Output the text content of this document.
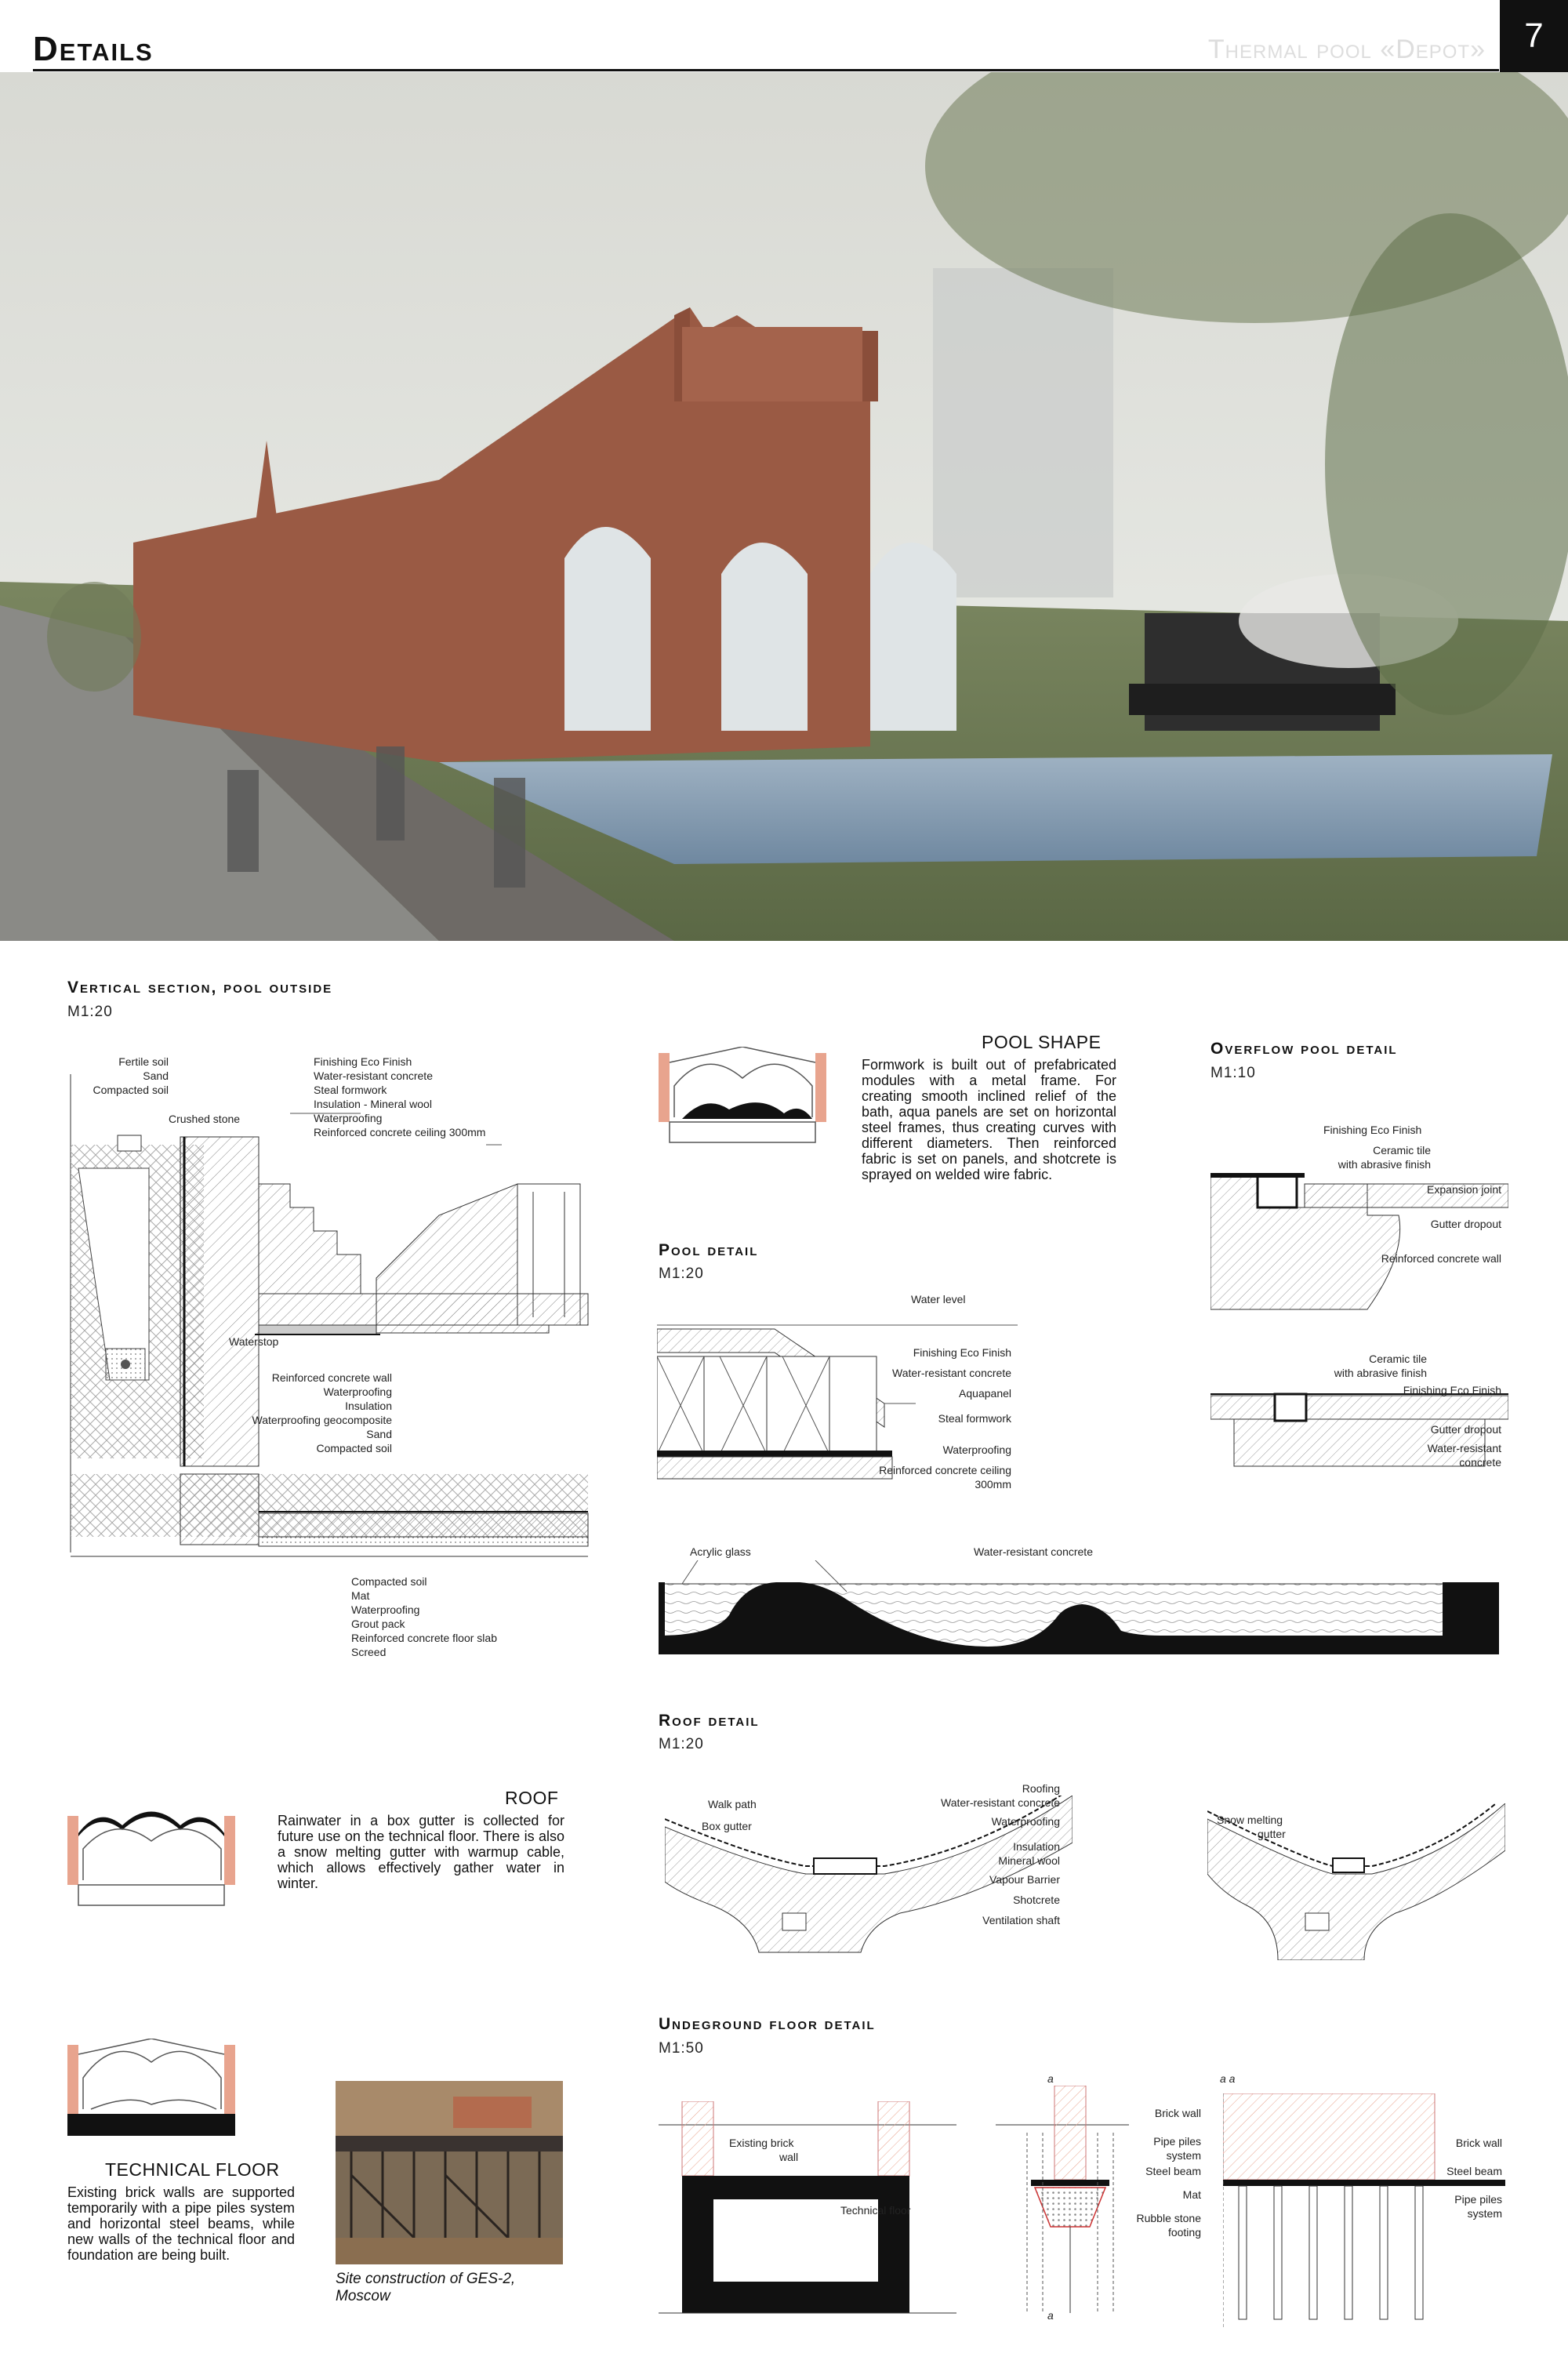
Details	Thermal pool «Depot»	7
Vertical section, pool outside
M1:20
Fertile soil
Sand
Compacted soil
Crushed stone
Finishing Eco Finish
Water-resistant concrete
Steal formwork
Insulation - Mineral wool
Waterproofing
Reinforced concrete ceiling 300mm
Waterstop
Reinforced concrete wall
Waterproofing
Insulation
Waterproofing geocomposite
Sand
Compacted soil
Compacted soil
Mat
Waterproofing
Grout pack
Reinforced concrete floor slab
Screed
POOL SHAPE
Formwork is built out of prefabricated modules with a metal frame. For creating smooth inclined relief of the bath, aqua panels are set on horizontal steel frames, thus creating curves with different diameters. Then reinforced fabric is set on panels, and shotcrete is sprayed on welded wire fabric.
Pool detail
M1:20
Water level
Finishing Eco Finish
Water-resistant concrete
Aquapanel
Steal formwork
Waterproofing
Reinforced concrete ceiling 300mm
Acrylic glass	Water-resistant concrete
Overflow pool detail
M1:10
Finishing Eco Finish
Ceramic tile
with abrasive finish
Expansion joint
Gutter dropout
Reinforced concrete wall
Ceramic tile
with abrasive finish
Finishing Eco Finish
Gutter dropout
Water-resistant
concrete
ROOF
Rainwater in a box gutter is collected for future use on the technical floor. There is also a snow melting gutter with warmup cable, which allows effectively gather water in winter.
Roof detail
M1:20
Walk path
Box gutter
Roofing
Water-resistant concrete
Waterproofing
Insulation
Mineral wool
Vapour Barrier
Shotcrete
Ventilation shaft
Snow melting
gutter
TECHNICAL FLOOR
Existing brick walls are supported temporarily with a pipe piles system and horizontal steel beams, while new walls of the technical floor and foundation are being built.
Site construction of GES-2, Moscow
Undeground floor detail
M1:50
Existing brick
wall
Technical floor
a
a
Brick wall
Pipe piles
system
Steel beam
Mat
Rubble stone
footing
a a
Brick wall
Steel beam
Pipe piles
system
